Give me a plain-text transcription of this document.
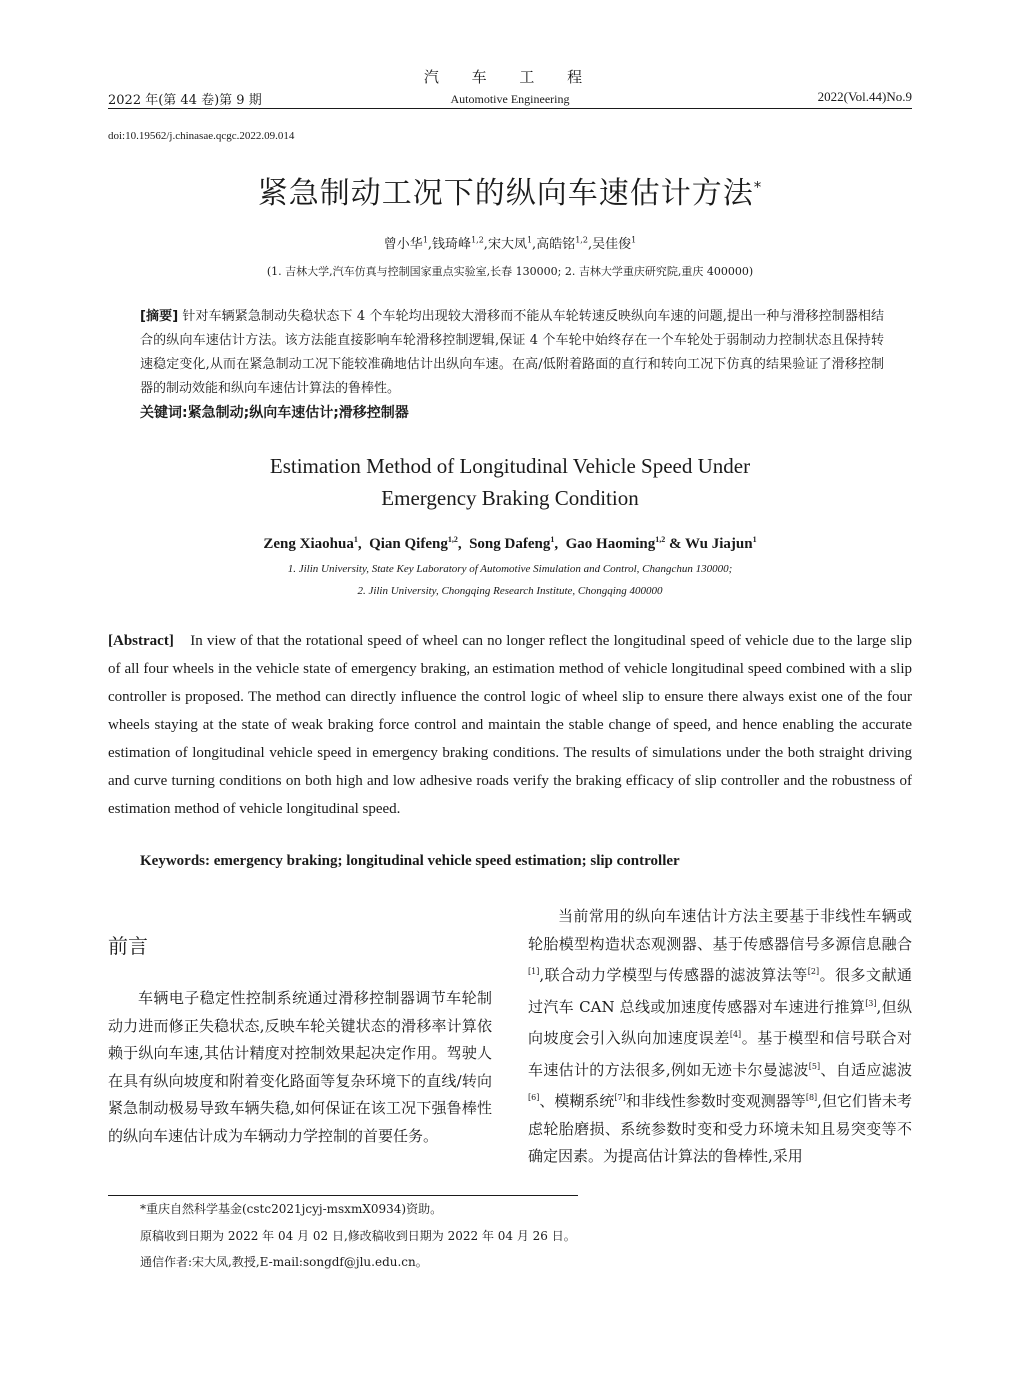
汽 车 工 程
2022 年(第 44 卷)第 9 期	Automotive Engineering	2022(Vol.44)No.9
doi:10.19562/j.chinasae.qcgc.2022.09.014
紧急制动工况下的纵向车速估计方法*
曾小华$^1$,钱琦峰$^{1,2}$,宋大凤$^1$,高皓铭$^{1,2}$,吴佳俊$^1$
(1. 吉林大学,汽车仿真与控制国家重点实验室,长春 130000; 2. 吉林大学重庆研究院,重庆 400000)
[摘要] 针对车辆紧急制动失稳状态下 4 个车轮均出现较大滑移而不能从车轮转速反映纵向车速的问题,提出一种与滑移控制器相结合的纵向车速估计方法。该方法能直接影响车轮滑移控制逻辑,保证 4 个车轮中始终存在一个车轮处于弱制动力控制状态且保持转速稳定变化,从而在紧急制动工况下能较准确地估计出纵向车速。在高/低附着路面的直行和转向工况下仿真的结果验证了滑移控制器的制动效能和纵向车速估计算法的鲁棒性。
关键词:紧急制动;纵向车速估计;滑移控制器
Estimation Method of Longitudinal Vehicle Speed Under
Emergency Braking Condition
Zeng Xiaohua$^1$,  Qian Qifeng$^{1,2}$,  Song Dafeng$^1$,  Gao Haoming$^{1,2}$ & Wu Jiajun$^1$
1. Jilin University, State Key Laboratory of Automotive Simulation and Control, Changchun 130000;
2. Jilin University, Chongqing Research Institute, Chongqing 400000
[Abstract] In view of that the rotational speed of wheel can no longer reflect the longitudinal speed of vehicle due to the large slip of all four wheels in the vehicle state of emergency braking, an estimation method of vehicle longitudinal speed combined with a slip controller is proposed. The method can directly influence the control logic of wheel slip to ensure there always exist one of the four wheels staying at the state of weak braking force control and maintain the stable change of speed, and hence enabling the accurate estimation of longitudinal vehicle speed in emergency braking conditions. The results of simulations under the both straight driving and curve turning conditions on both high and low adhesive roads verify the braking efficacy of slip controller and the robustness of estimation method of vehicle longitudinal speed.
Keywords: emergency braking; longitudinal vehicle speed estimation; slip controller
前言
车辆电子稳定性控制系统通过滑移控制器调节车轮制动力进而修正失稳状态,反映车轮关键状态的滑移率计算依赖于纵向车速,其估计精度对控制效果起决定作用。驾驶人在具有纵向坡度和附着变化路面等复杂环境下的直线/转向紧急制动极易导致车辆失稳,如何保证在该工况下强鲁棒性的纵向车速估计成为车辆动力学控制的首要任务。
当前常用的纵向车速估计方法主要基于非线性车辆或轮胎模型构造状态观测器、基于传感器信号多源信息融合[1],联合动力学模型与传感器的滤波算法等[2]。很多文献通过汽车 CAN 总线或加速度传感器对车速进行推算[3],但纵向坡度会引入纵向加速度误差[4]。基于模型和信号联合对车速估计的方法很多,例如无迹卡尔曼滤波[5]、自适应滤波[6]、模糊系统[7]和非线性参数时变观测器等[8],但它们皆未考虑轮胎磨损、系统参数时变和受力环境未知且易突变等不确定因素。为提高估计算法的鲁棒性,采用
*重庆自然科学基金(cstc2021jcyj-msxmX0934)资助。
原稿收到日期为 2022 年 04 月 02 日,修改稿收到日期为 2022 年 04 月 26 日。
通信作者:宋大凤,教授,E-mail:songdf@jlu.edu.cn。
